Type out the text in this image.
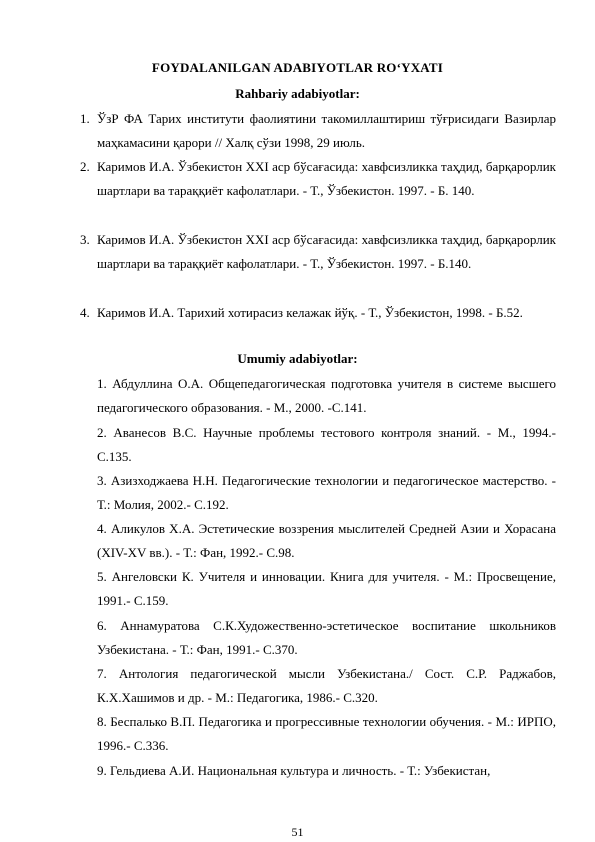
FOYDALANILGAN ADABIYOTLAR RO‘YXATI
Rahbariy adabiyotlar:
1. ЎзР ФА Тарих институти фаолиятини такомиллаштириш тўғрисидаги Вазирлар маҳкамасини қарори // Халқ сўзи 1998, 29 июль.
2. Каримов И.А. Ўзбекистон XXI аср бўсағасида: хавфсизликка таҳдид, барқарорлик шартлари ва тараққиёт кафолатлари. - Т., Ўзбекистон. 1997. - Б. 140.
3. Каримов И.А. Ўзбекистон XXI аср бўсағасида: хавфсизликка таҳдид, барқарорлик шартлари ва тараққиёт кафолатлари. - Т., Ўзбекистон. 1997. - Б.140.
4. Каримов И.А. Тарихий хотирасиз келажак йўқ. - Т., Ўзбекистон, 1998. - Б.52.
Umumiy adabiyotlar:
1. Абдуллина О.А. Общепедагогическая подготовка учителя в системе высшего педагогического образования. - М., 2000. -С.141.
2. Аванесов В.С. Научные проблемы тестового контроля знаний. - М., 1994.- С.135.
3. Азизходжаева Н.Н. Педагогические технологии и педагогическое мастерство. - Т.: Молия, 2002.- С.192.
4. Аликулов Х.А. Эстетические воззрения мыслителей Средней Азии и Хорасана (XIV-XV вв.). - Т.: Фан, 1992.- С.98.
5. Ангеловски К. Учителя и инновации. Книга для учителя. - М.: Просвещение, 1991.- С.159.
6. Аннамуратова С.К.Художественно-эстетическое воспитание школьников Узбекистана. - Т.: Фан, 1991.- С.370.
7. Антология педагогической мысли Узбекистана./ Сост. С.Р. Раджабов, К.Х.Хашимов и др. - М.: Педагогика, 1986.- С.320.
8. Беспалько В.П. Педагогика и прогрессивные технологии обучения. - М.: ИРПО, 1996.- С.336.
9. Гельдиева А.И. Национальная культура и личность. - Т.: Узбекистан,
51
